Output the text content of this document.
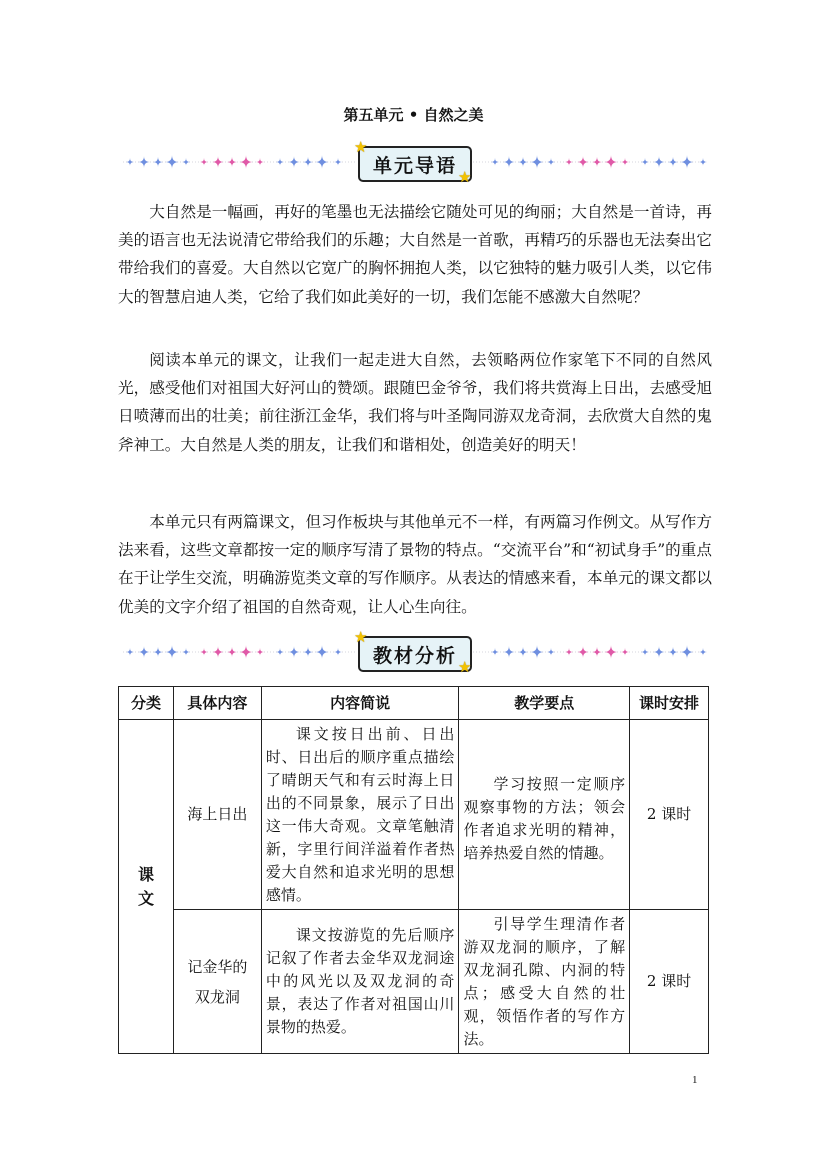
第五单元 • 自然之美
单元导语
★
★

大自然是一幅画，再好的笔墨也无法描绘它随处可见的绚丽；大自然是一首诗，再美的语言也无法说清它带给我们的乐趣；大自然是一首歌，再精巧的乐器也无法奏出它带给我们的喜爱。大自然以它宽广的胸怀拥抱人类，以它独特的魅力吸引人类，以它伟大的智慧启迪人类，它给了我们如此美好的一切，我们怎能不感激大自然呢？

阅读本单元的课文，让我们一起走进大自然，去领略两位作家笔下不同的自然风光，感受他们对祖国大好河山的赞颂。跟随巴金爷爷，我们将共赏海上日出，去感受旭日喷薄而出的壮美；前往浙江金华，我们将与叶圣陶同游双龙奇洞，去欣赏大自然的鬼斧神工。大自然是人类的朋友，让我们和谐相处，创造美好的明天！

本单元只有两篇课文，但习作板块与其他单元不一样，有两篇习作例文。从写作方法来看，这些文章都按一定的顺序写清了景物的特点。“交流平台”和“初试身手”的重点在于让学生交流，明确游览类文章的写作顺序。从表达的情感来看，本单元的课文都以优美的文字介绍了祖国的自然奇观，让人心生向往。

教材分析
★
★
分类	具体内容	内容简说	教学要点	课时安排
课文	海上日出	课文按日出前、日出时、日出后的顺序重点描绘了晴朗天气和有云时海上日出的不同景象，展示了日出这一伟大奇观。文章笔触清新，字里行间洋溢着作者热爱大自然和追求光明的思想感情。	学习按照一定顺序观察事物的方法；领会作者追求光明的精神，培养热爱自然的情趣。	2 课时
	记金华的双龙洞	课文按游览的先后顺序记叙了作者去金华双龙洞途中的风光以及双龙洞的奇景，表达了作者对祖国山川景物的热爱。	引导学生理清作者游双龙洞的顺序，了解双龙洞孔隙、内洞的特点；感受大自然的壮观，领悟作者的写作方法。	2 课时
1
